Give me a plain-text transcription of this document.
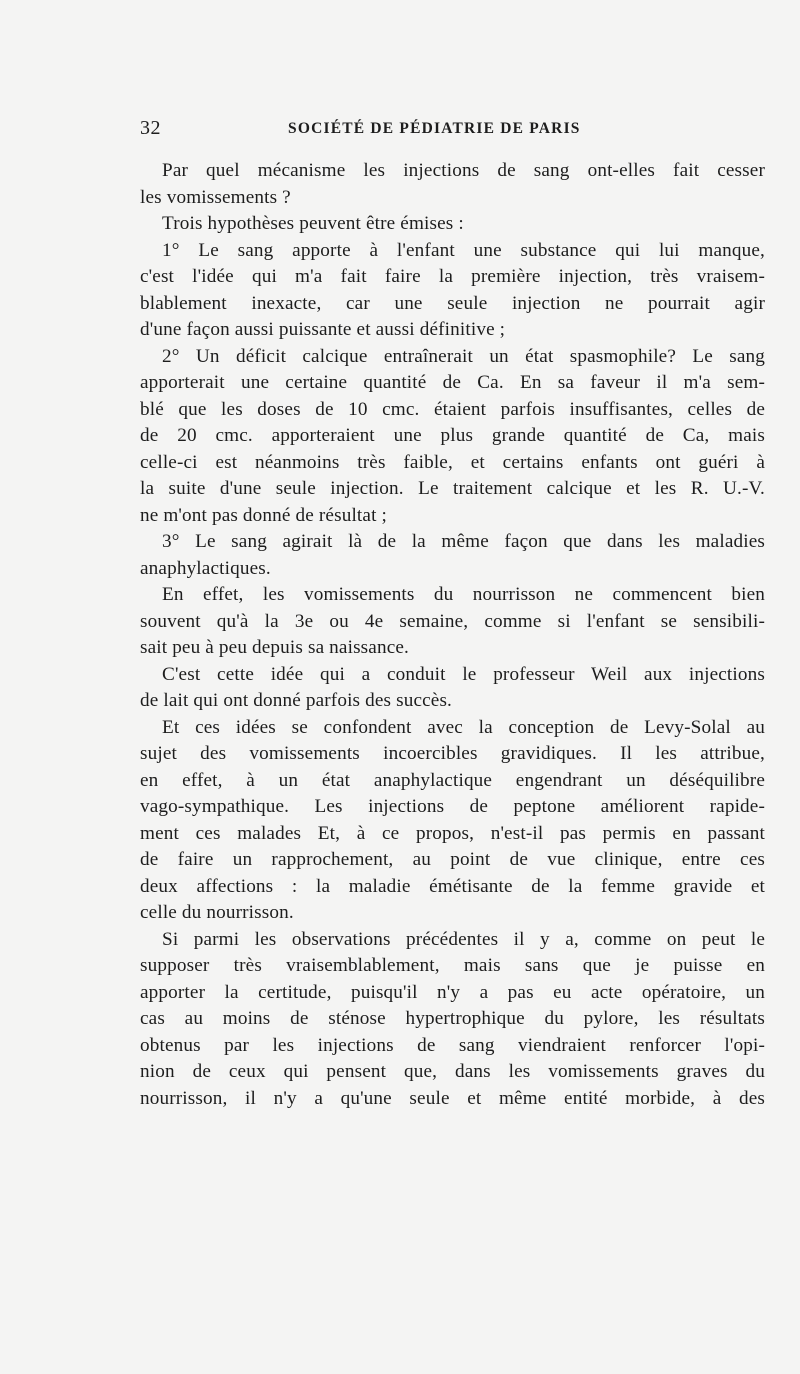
32	SOCIÉTÉ DE PÉDIATRIE DE PARIS
Par quel mécanisme les injections de sang ont-elles fait cesser
les vomissements ?
Trois hypothèses peuvent être émises :
1° Le sang apporte à l'enfant une substance qui lui manque,
c'est l'idée qui m'a fait faire la première injection, très vraisem-
blablement inexacte, car une seule injection ne pourrait agir
d'une façon aussi puissante et aussi définitive ;
2° Un déficit calcique entraînerait un état spasmophile? Le sang
apporterait une certaine quantité de Ca. En sa faveur il m'a sem-
blé que les doses de 10 cmc. étaient parfois insuffisantes, celles de
de 20 cmc. apporteraient une plus grande quantité de Ca, mais
celle-ci est néanmoins très faible, et certains enfants ont guéri à
la suite d'une seule injection. Le traitement calcique et les R. U.-V.
ne m'ont pas donné de résultat ;
3° Le sang agirait là de la même façon que dans les maladies
anaphylactiques.
En effet, les vomissements du nourrisson ne commencent bien
souvent qu'à la 3e ou 4e semaine, comme si l'enfant se sensibili-
sait peu à peu depuis sa naissance.
C'est cette idée qui a conduit le professeur Weil aux injections
de lait qui ont donné parfois des succès.
Et ces idées se confondent avec la conception de Levy-Solal au
sujet des vomissements incoercibles gravidiques. Il les attribue,
en effet, à un état anaphylactique engendrant un déséquilibre
vago-sympathique. Les injections de peptone améliorent rapide-
ment ces malades Et, à ce propos, n'est-il pas permis en passant
de faire un rapprochement, au point de vue clinique, entre ces
deux affections : la maladie émétisante de la femme gravide et
celle du nourrisson.
Si parmi les observations précédentes il y a, comme on peut le
supposer très vraisemblablement, mais sans que je puisse en
apporter la certitude, puisqu'il n'y a pas eu acte opératoire, un
cas au moins de sténose hypertrophique du pylore, les résultats
obtenus par les injections de sang viendraient renforcer l'opi-
nion de ceux qui pensent que, dans les vomissements graves du
nourrisson, il n'y a qu'une seule et même entité morbide, à des
